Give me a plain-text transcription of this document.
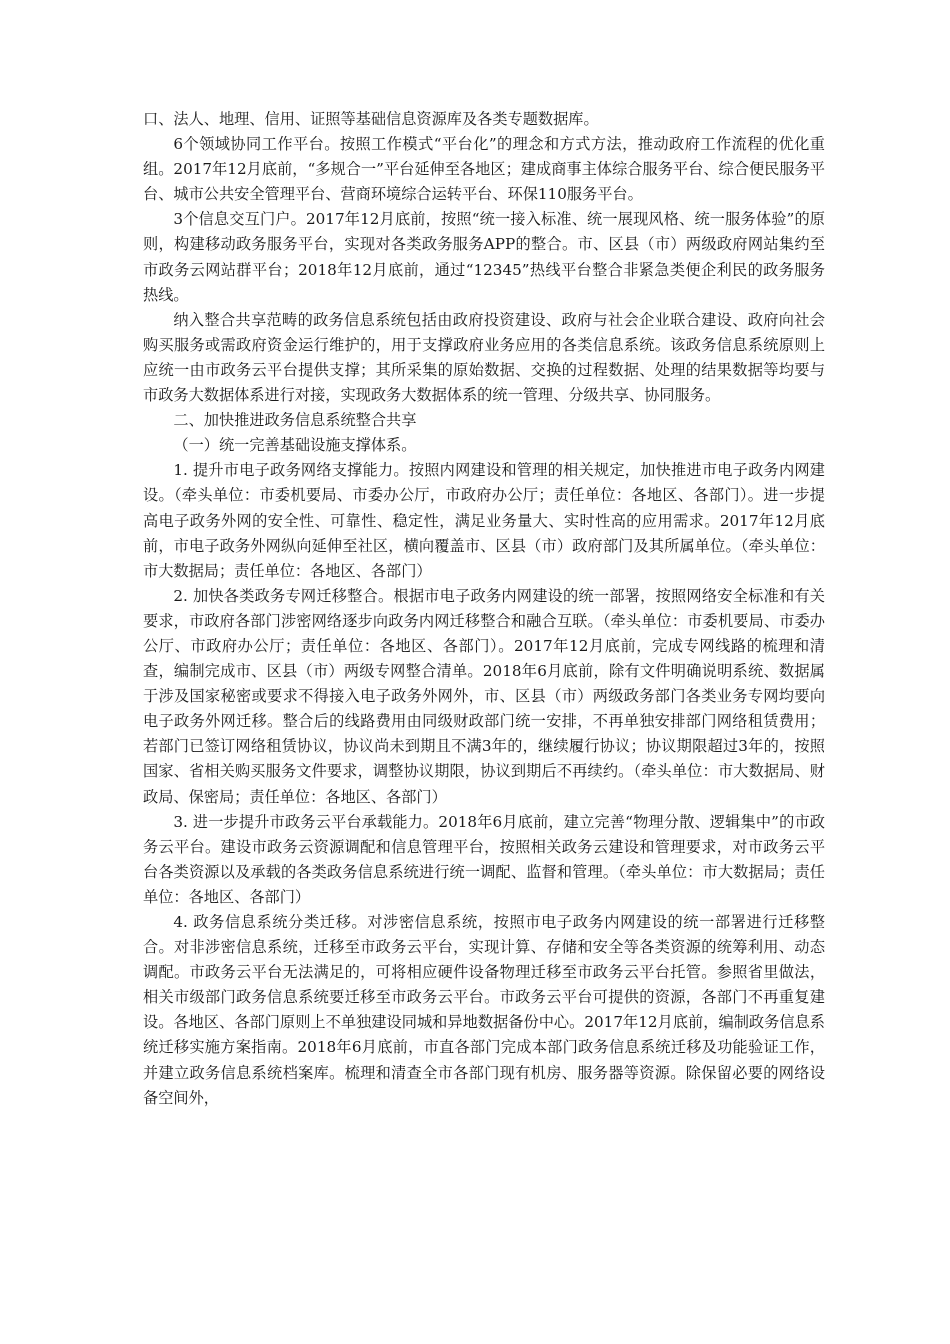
口、法人、地理、信用、证照等基础信息资源库及各类专题数据库。

6个领域协同工作平台。按照工作模式“平台化”的理念和方式方法，推动政府工作流程的优化重组。2017年12月底前，“多规合一”平台延伸至各地区；建成商事主体综合服务平台、综合便民服务平台、城市公共安全管理平台、营商环境综合运转平台、环保110服务平台。

3个信息交互门户。2017年12月底前，按照“统一接入标准、统一展现风格、统一服务体验”的原则，构建移动政务服务平台，实现对各类政务服务APP的整合。市、区县（市）两级政府网站集约至市政务云网站群平台；2018年12月底前，通过“12345”热线平台整合非紧急类便企利民的政务服务热线。

纳入整合共享范畴的政务信息系统包括由政府投资建设、政府与社会企业联合建设、政府向社会购买服务或需政府资金运行维护的，用于支撑政府业务应用的各类信息系统。该政务信息系统原则上应统一由市政务云平台提供支撑；其所采集的原始数据、交换的过程数据、处理的结果数据等均要与市政务大数据体系进行对接，实现政务大数据体系的统一管理、分级共享、协同服务。

二、加快推进政务信息系统整合共享

（一）统一完善基础设施支撑体系。

1. 提升市电子政务网络支撑能力。按照内网建设和管理的相关规定，加快推进市电子政务内网建设。（牵头单位：市委机要局、市委办公厅，市政府办公厅；责任单位：各地区、各部门）。进一步提高电子政务外网的安全性、可靠性、稳定性，满足业务量大、实时性高的应用需求。2017年12月底前，市电子政务外网纵向延伸至社区，横向覆盖市、区县（市）政府部门及其所属单位。（牵头单位：市大数据局；责任单位：各地区、各部门）

2. 加快各类政务专网迁移整合。根据市电子政务内网建设的统一部署，按照网络安全标准和有关要求，市政府各部门涉密网络逐步向政务内网迁移整合和融合互联。（牵头单位：市委机要局、市委办公厅、市政府办公厅；责任单位：各地区、各部门）。2017年12月底前，完成专网线路的梳理和清查，编制完成市、区县（市）两级专网整合清单。2018年6月底前，除有文件明确说明系统、数据属于涉及国家秘密或要求不得接入电子政务外网外，市、区县（市）两级政务部门各类业务专网均要向电子政务外网迁移。整合后的线路费用由同级财政部门统一安排，不再单独安排部门网络租赁费用；若部门已签订网络租赁协议，协议尚未到期且不满3年的，继续履行协议；协议期限超过3年的，按照国家、省相关购买服务文件要求，调整协议期限，协议到期后不再续约。（牵头单位：市大数据局、财政局、保密局；责任单位：各地区、各部门）

3. 进一步提升市政务云平台承载能力。2018年6月底前，建立完善“物理分散、逻辑集中”的市政务云平台。建设市政务云资源调配和信息管理平台，按照相关政务云建设和管理要求，对市政务云平台各类资源以及承载的各类政务信息系统进行统一调配、监督和管理。（牵头单位：市大数据局；责任单位：各地区、各部门）

4. 政务信息系统分类迁移。对涉密信息系统，按照市电子政务内网建设的统一部署进行迁移整合。对非涉密信息系统，迁移至市政务云平台，实现计算、存储和安全等各类资源的统筹利用、动态调配。市政务云平台无法满足的，可将相应硬件设备物理迁移至市政务云平台托管。参照省里做法，相关市级部门政务信息系统要迁移至市政务云平台。市政务云平台可提供的资源，各部门不再重复建设。各地区、各部门原则上不单独建设同城和异地数据备份中心。2017年12月底前，编制政务信息系统迁移实施方案指南。2018年6月底前，市直各部门完成本部门政务信息系统迁移及功能验证工作，并建立政务信息系统档案库。梳理和清查全市各部门现有机房、服务器等资源。除保留必要的网络设备空间外，
